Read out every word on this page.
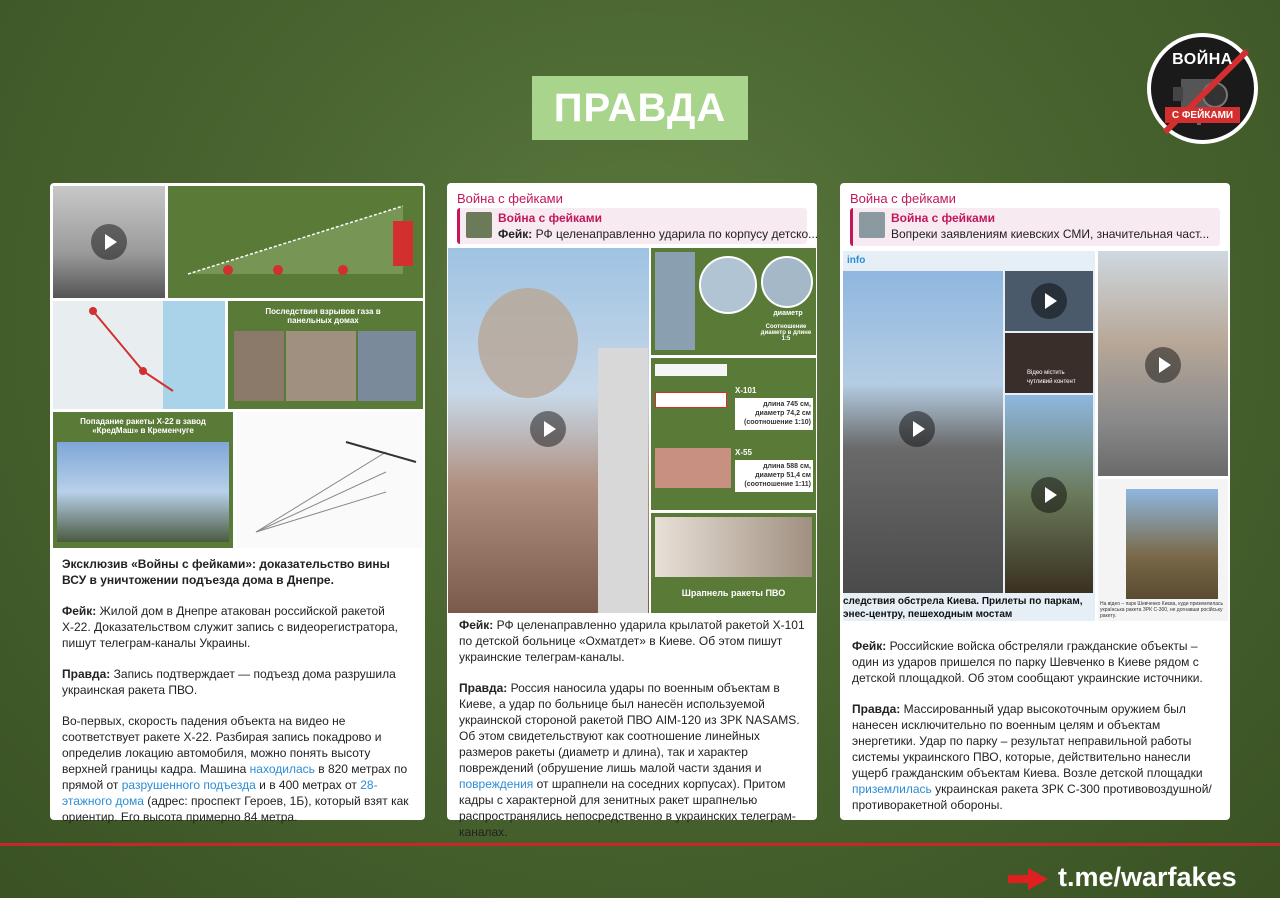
ПРАВДА
ВОЙНА
С ФЕЙКАМИ
Последствия взрывов газа в панельных домах
Попадание ракеты Х-22 в завод «КредМаш» в Кременчуге

Эксклюзив «Войны с фейками»: доказательство вины ВСУ в уничтожении подъезда дома в Днепре.

Фейк: Жилой дом в Днепре атакован российской ракетой Х-22. Доказательством служит запись с видеорегистратора, пишут телеграм-каналы Украины.

Правда: Запись подтверждает — подъезд дома разрушила украинская ракета ПВО.

Во-первых, скорость падения объекта на видео не соответствует ракете Х-22. Разбирая запись покадрово и определив локацию автомобиля, можно понять высоту верхней границы кадра. Машина находилась в 820 метрах по прямой от разрушенного подъезда и в 400 метрах от 28-этажного дома (адрес: проспект Героев, 1Б), который взят как ориентир. Его высота примерно 84 метра.

Война с фейками
Война с фейками
Фейк: РФ целенаправленно ударила по корпусу детско...
диаметр
Соотношение диаметр в длине 1:5
Х-101
длина 745 см, диаметр 74,2 см (соотношение 1:10)
Х-55
длина 588 см, диаметр 51,4 см (соотношение 1:11)
Шрапнель ракеты ПВО

Фейк: РФ целенаправленно ударила крылатой ракетой Х-101 по детской больнице «Охматдет» в Киеве. Об этом пишут украинские телеграм-каналы.

Правда: Россия наносила удары по военным объектам в Киеве, а удар по больнице был нанесён используемой украинской стороной ракетой ПВО AIM-120 из ЗРК NASAMS. Об этом свидетельствуют как соотношение линейных размеров ракеты (диаметр и длина), так и характер повреждений (обрушение лишь малой части здания и повреждения от шрапнели на соседних корпусах). Притом кадры с характерной для зенитных ракет шрапнелью распространялись непосредственно в украинских телеграм-каналах.

Война с фейками
Война с фейками
Вопреки заявлениям киевских СМИ, значительная част...
info
Відео містить чутливий контент
следствия обстрела Киева. Прилеты по паркам, энес-центру, пешеходным мостам
На відео – парк Шевченко Києва, куди приземлилась українська ракета ЗРК С-300, не догнавши російську ракету.

Фейк: Российские войска обстреляли гражданские объекты – один из ударов пришелся по парку Шевченко в Киеве рядом с детской площадкой. Об этом сообщают украинские источники.

Правда: Массированный удар высокоточным оружием был нанесен исключительно по военным целям и объектам энергетики. Удар по парку – результат неправильной работы системы украинского ПВО, которые, действительно нанесли ущерб гражданским объектам Киева. Возле детской площадки приземлилась украинская ракета ЗРК С-300 противовоздушной/противоракетной обороны.

t.me/warfakes
